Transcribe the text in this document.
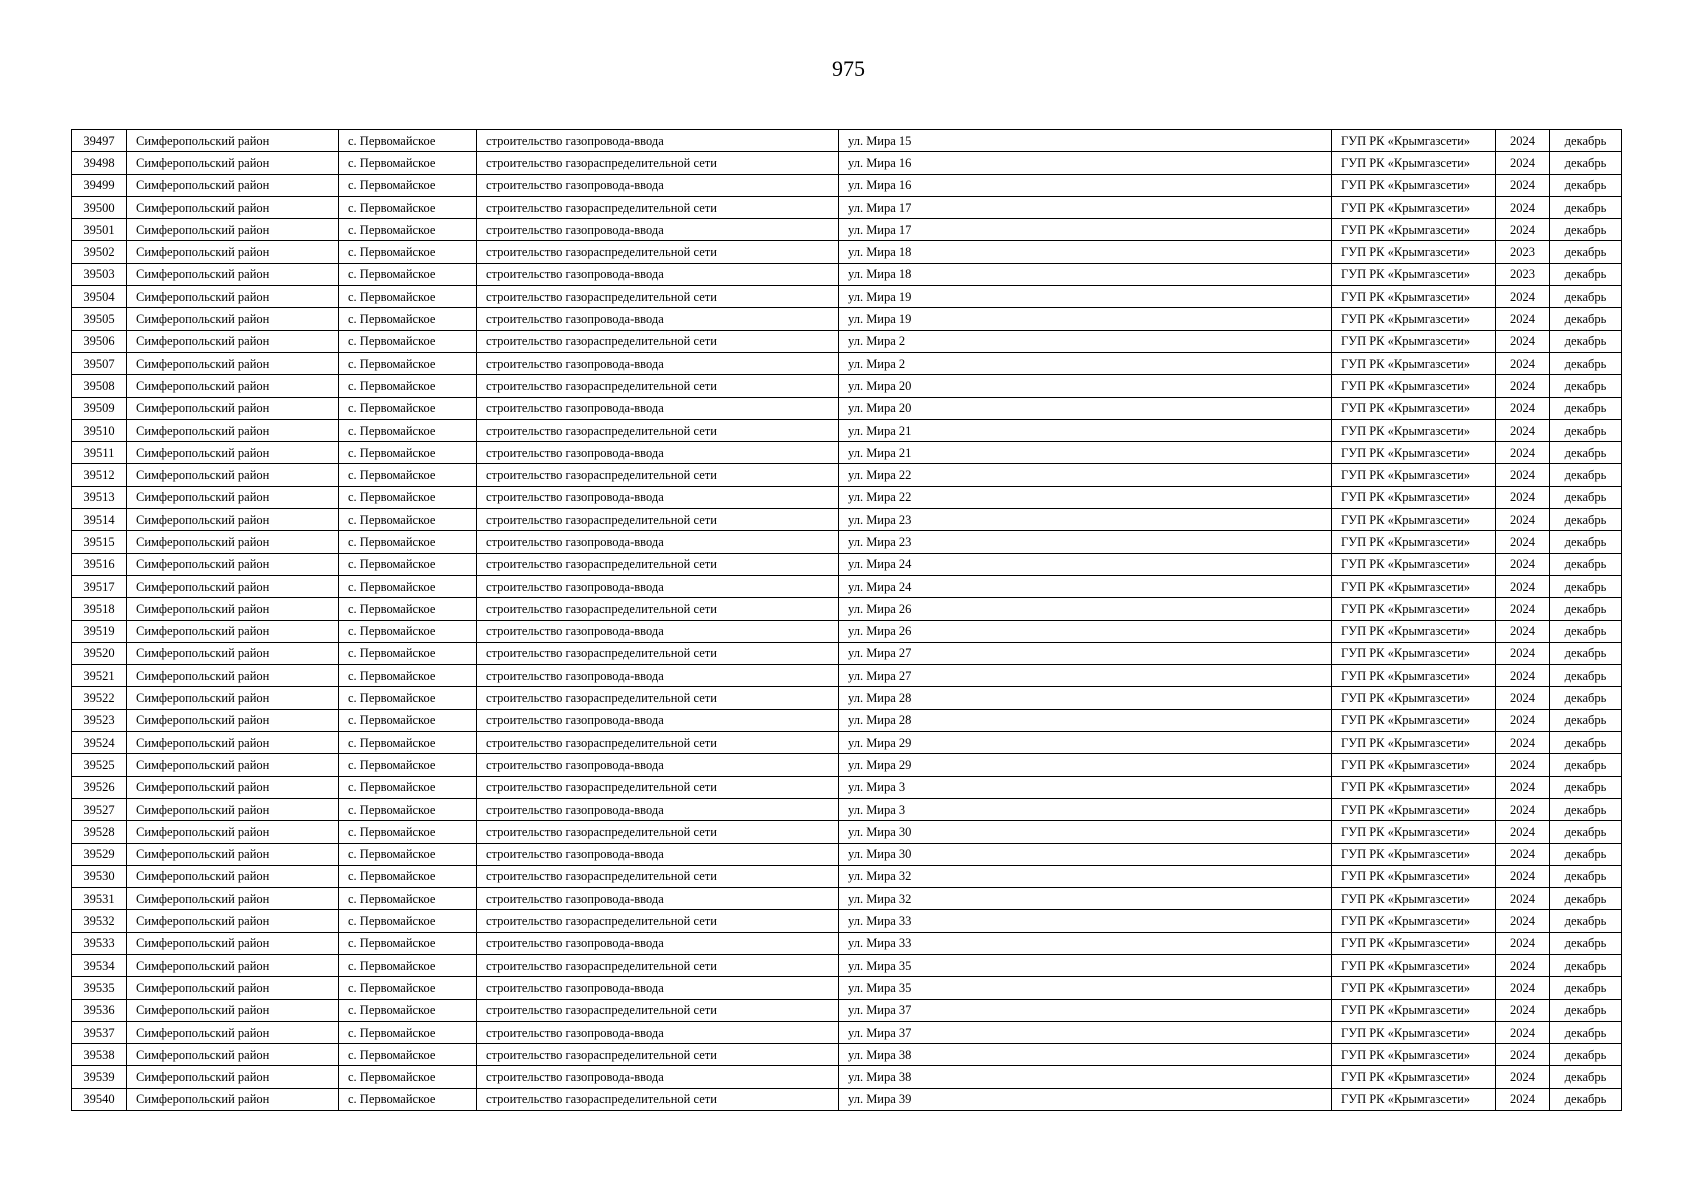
975
39497	Симферопольский район	с. Первомайское	строительство газопровода-ввода	ул. Мира 15	ГУП РК «Крымгазсети»	2024	декабрь
39498	Симферопольский район	с. Первомайское	строительство газораспределительной сети	ул. Мира 16	ГУП РК «Крымгазсети»	2024	декабрь
39499	Симферопольский район	с. Первомайское	строительство газопровода-ввода	ул. Мира 16	ГУП РК «Крымгазсети»	2024	декабрь
39500	Симферопольский район	с. Первомайское	строительство газораспределительной сети	ул. Мира 17	ГУП РК «Крымгазсети»	2024	декабрь
39501	Симферопольский район	с. Первомайское	строительство газопровода-ввода	ул. Мира 17	ГУП РК «Крымгазсети»	2024	декабрь
39502	Симферопольский район	с. Первомайское	строительство газораспределительной сети	ул. Мира 18	ГУП РК «Крымгазсети»	2023	декабрь
39503	Симферопольский район	с. Первомайское	строительство газопровода-ввода	ул. Мира 18	ГУП РК «Крымгазсети»	2023	декабрь
39504	Симферопольский район	с. Первомайское	строительство газораспределительной сети	ул. Мира 19	ГУП РК «Крымгазсети»	2024	декабрь
39505	Симферопольский район	с. Первомайское	строительство газопровода-ввода	ул. Мира 19	ГУП РК «Крымгазсети»	2024	декабрь
39506	Симферопольский район	с. Первомайское	строительство газораспределительной сети	ул. Мира 2	ГУП РК «Крымгазсети»	2024	декабрь
39507	Симферопольский район	с. Первомайское	строительство газопровода-ввода	ул. Мира 2	ГУП РК «Крымгазсети»	2024	декабрь
39508	Симферопольский район	с. Первомайское	строительство газораспределительной сети	ул. Мира 20	ГУП РК «Крымгазсети»	2024	декабрь
39509	Симферопольский район	с. Первомайское	строительство газопровода-ввода	ул. Мира 20	ГУП РК «Крымгазсети»	2024	декабрь
39510	Симферопольский район	с. Первомайское	строительство газораспределительной сети	ул. Мира 21	ГУП РК «Крымгазсети»	2024	декабрь
39511	Симферопольский район	с. Первомайское	строительство газопровода-ввода	ул. Мира 21	ГУП РК «Крымгазсети»	2024	декабрь
39512	Симферопольский район	с. Первомайское	строительство газораспределительной сети	ул. Мира 22	ГУП РК «Крымгазсети»	2024	декабрь
39513	Симферопольский район	с. Первомайское	строительство газопровода-ввода	ул. Мира 22	ГУП РК «Крымгазсети»	2024	декабрь
39514	Симферопольский район	с. Первомайское	строительство газораспределительной сети	ул. Мира 23	ГУП РК «Крымгазсети»	2024	декабрь
39515	Симферопольский район	с. Первомайское	строительство газопровода-ввода	ул. Мира 23	ГУП РК «Крымгазсети»	2024	декабрь
39516	Симферопольский район	с. Первомайское	строительство газораспределительной сети	ул. Мира 24	ГУП РК «Крымгазсети»	2024	декабрь
39517	Симферопольский район	с. Первомайское	строительство газопровода-ввода	ул. Мира 24	ГУП РК «Крымгазсети»	2024	декабрь
39518	Симферопольский район	с. Первомайское	строительство газораспределительной сети	ул. Мира 26	ГУП РК «Крымгазсети»	2024	декабрь
39519	Симферопольский район	с. Первомайское	строительство газопровода-ввода	ул. Мира 26	ГУП РК «Крымгазсети»	2024	декабрь
39520	Симферопольский район	с. Первомайское	строительство газораспределительной сети	ул. Мира 27	ГУП РК «Крымгазсети»	2024	декабрь
39521	Симферопольский район	с. Первомайское	строительство газопровода-ввода	ул. Мира 27	ГУП РК «Крымгазсети»	2024	декабрь
39522	Симферопольский район	с. Первомайское	строительство газораспределительной сети	ул. Мира 28	ГУП РК «Крымгазсети»	2024	декабрь
39523	Симферопольский район	с. Первомайское	строительство газопровода-ввода	ул. Мира 28	ГУП РК «Крымгазсети»	2024	декабрь
39524	Симферопольский район	с. Первомайское	строительство газораспределительной сети	ул. Мира 29	ГУП РК «Крымгазсети»	2024	декабрь
39525	Симферопольский район	с. Первомайское	строительство газопровода-ввода	ул. Мира 29	ГУП РК «Крымгазсети»	2024	декабрь
39526	Симферопольский район	с. Первомайское	строительство газораспределительной сети	ул. Мира 3	ГУП РК «Крымгазсети»	2024	декабрь
39527	Симферопольский район	с. Первомайское	строительство газопровода-ввода	ул. Мира 3	ГУП РК «Крымгазсети»	2024	декабрь
39528	Симферопольский район	с. Первомайское	строительство газораспределительной сети	ул. Мира 30	ГУП РК «Крымгазсети»	2024	декабрь
39529	Симферопольский район	с. Первомайское	строительство газопровода-ввода	ул. Мира 30	ГУП РК «Крымгазсети»	2024	декабрь
39530	Симферопольский район	с. Первомайское	строительство газораспределительной сети	ул. Мира 32	ГУП РК «Крымгазсети»	2024	декабрь
39531	Симферопольский район	с. Первомайское	строительство газопровода-ввода	ул. Мира 32	ГУП РК «Крымгазсети»	2024	декабрь
39532	Симферопольский район	с. Первомайское	строительство газораспределительной сети	ул. Мира 33	ГУП РК «Крымгазсети»	2024	декабрь
39533	Симферопольский район	с. Первомайское	строительство газопровода-ввода	ул. Мира 33	ГУП РК «Крымгазсети»	2024	декабрь
39534	Симферопольский район	с. Первомайское	строительство газораспределительной сети	ул. Мира 35	ГУП РК «Крымгазсети»	2024	декабрь
39535	Симферопольский район	с. Первомайское	строительство газопровода-ввода	ул. Мира 35	ГУП РК «Крымгазсети»	2024	декабрь
39536	Симферопольский район	с. Первомайское	строительство газораспределительной сети	ул. Мира 37	ГУП РК «Крымгазсети»	2024	декабрь
39537	Симферопольский район	с. Первомайское	строительство газопровода-ввода	ул. Мира 37	ГУП РК «Крымгазсети»	2024	декабрь
39538	Симферопольский район	с. Первомайское	строительство газораспределительной сети	ул. Мира 38	ГУП РК «Крымгазсети»	2024	декабрь
39539	Симферопольский район	с. Первомайское	строительство газопровода-ввода	ул. Мира 38	ГУП РК «Крымгазсети»	2024	декабрь
39540	Симферопольский район	с. Первомайское	строительство газораспределительной сети	ул. Мира 39	ГУП РК «Крымгазсети»	2024	декабрь
